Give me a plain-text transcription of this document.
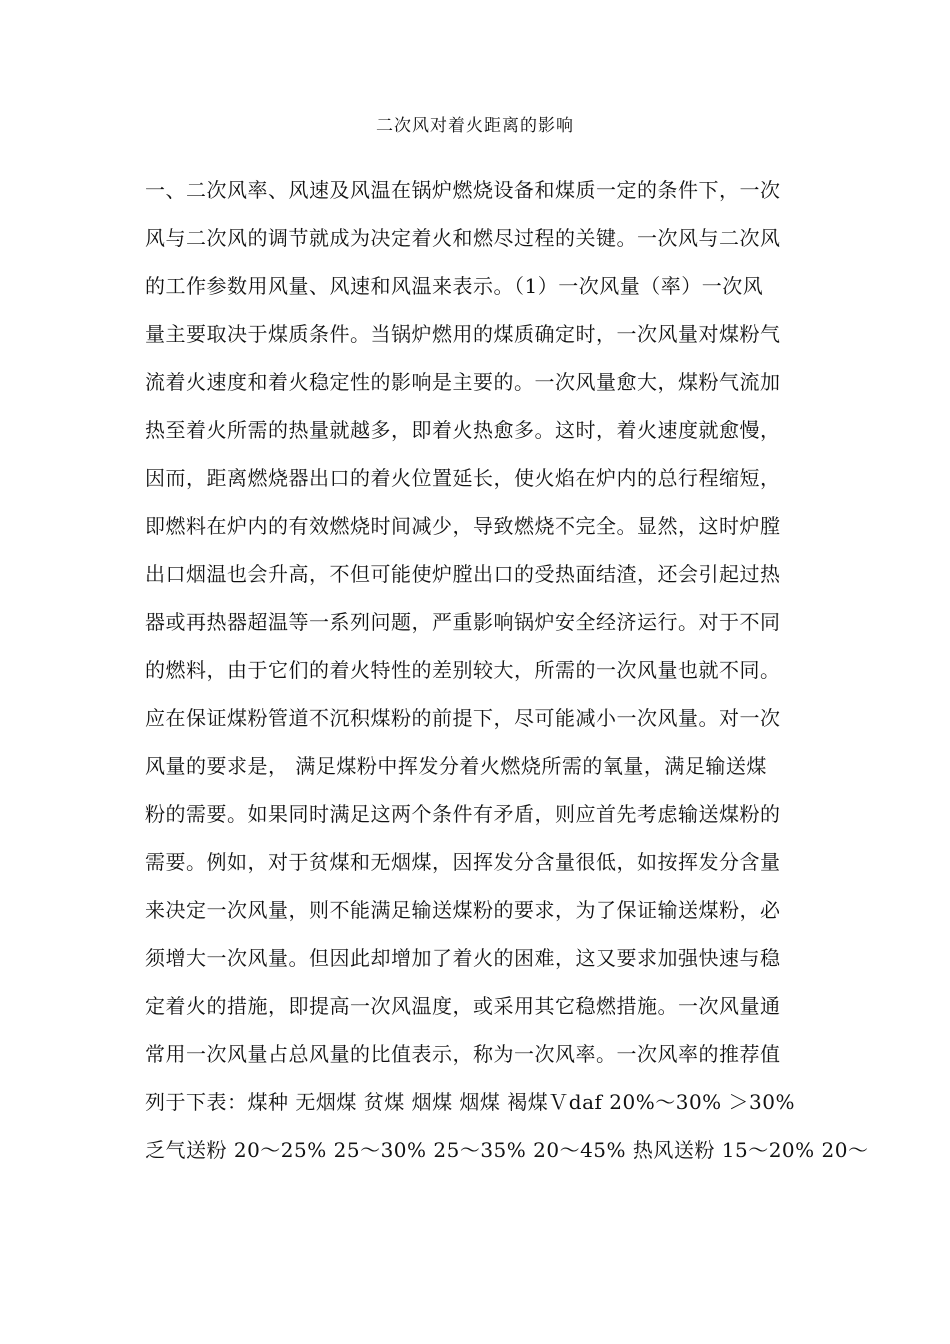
二次风对着火距离的影响
一、二次风率、风速及风温在锅炉燃烧设备和煤质一定的条件下，一次
风与二次风的调节就成为决定着火和燃尽过程的关键。一次风与二次风
的工作参数用风量、风速和风温来表示。（1）一次风量（率）一次风
量主要取决于煤质条件。当锅炉燃用的煤质确定时，一次风量对煤粉气
流着火速度和着火稳定性的影响是主要的。一次风量愈大，煤粉气流加
热至着火所需的热量就越多，即着火热愈多。这时，着火速度就愈慢，
因而，距离燃烧器出口的着火位置延长，使火焰在炉内的总行程缩短，
即燃料在炉内的有效燃烧时间减少，导致燃烧不完全。显然，这时炉膛
出口烟温也会升高，不但可能使炉膛出口的受热面结渣，还会引起过热
器或再热器超温等一系列问题，严重影响锅炉安全经济运行。对于不同
的燃料，由于它们的着火特性的差别较大，所需的一次风量也就不同。
应在保证煤粉管道不沉积煤粉的前提下，尽可能减小一次风量。对一次
风量的要求是， 满足煤粉中挥发分着火燃烧所需的氧量，满足输送煤
粉的需要。如果同时满足这两个条件有矛盾，则应首先考虑输送煤粉的
需要。例如，对于贫煤和无烟煤，因挥发分含量很低，如按挥发分含量
来决定一次风量，则不能满足输送煤粉的要求，为了保证输送煤粉，必
须增大一次风量。但因此却增加了着火的困难，这又要求加强快速与稳
定着火的措施，即提高一次风温度，或采用其它稳燃措施。一次风量通
常用一次风量占总风量的比值表示，称为一次风率。一次风率的推荐值
列于下表：煤种 无烟煤 贫煤 烟煤 烟煤 褐煤Ｖdaf 20%～30% ＞30%
乏气送粉 20～25% 25～30% 25～35% 20～45% 热风送粉 15～20% 20～
